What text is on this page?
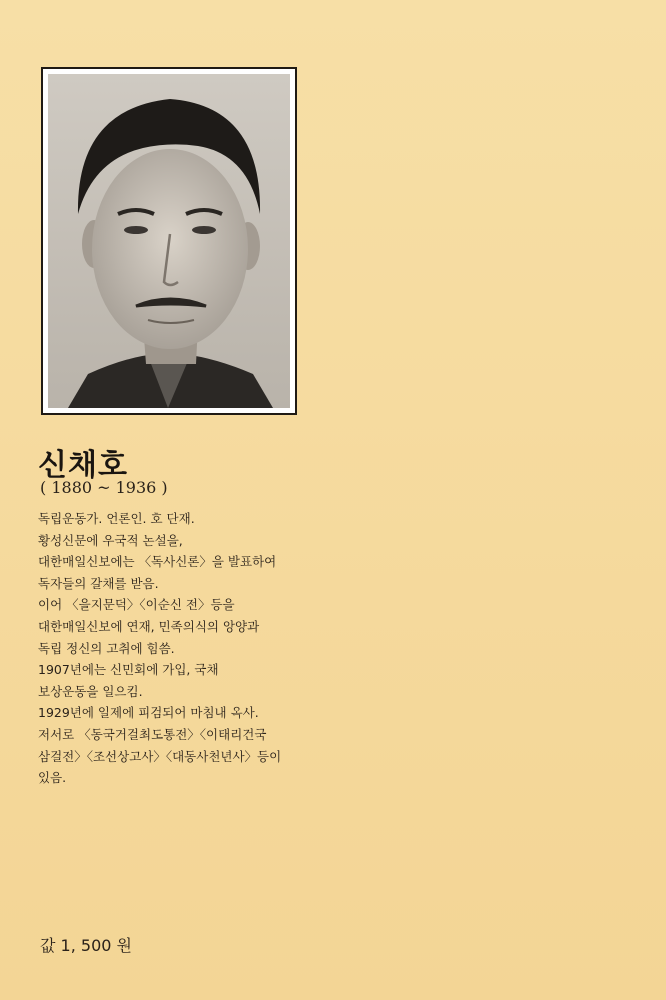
신채호
( 1880 ~ 1936 )
독립운동가. 언론인. 호 단재.
황성신문에 우국적 논설을,
대한매일신보에는 〈독사신론〉을 발표하여
독자들의 갈채를 받음.
이어 〈을지문덕〉〈이순신 전〉등을
대한매일신보에 연재, 민족의식의 앙양과
독립 정신의 고취에 힘씀.
1907년에는 신민회에 가입, 국채
보상운동을 일으킴.
1929년에 일제에 피검되어 마침내 옥사.
저서로 〈동국거걸최도통전〉〈이태리건국
삼걸전〉〈조선상고사〉〈대동사천년사〉등이
있음.
값 1, 500 원
